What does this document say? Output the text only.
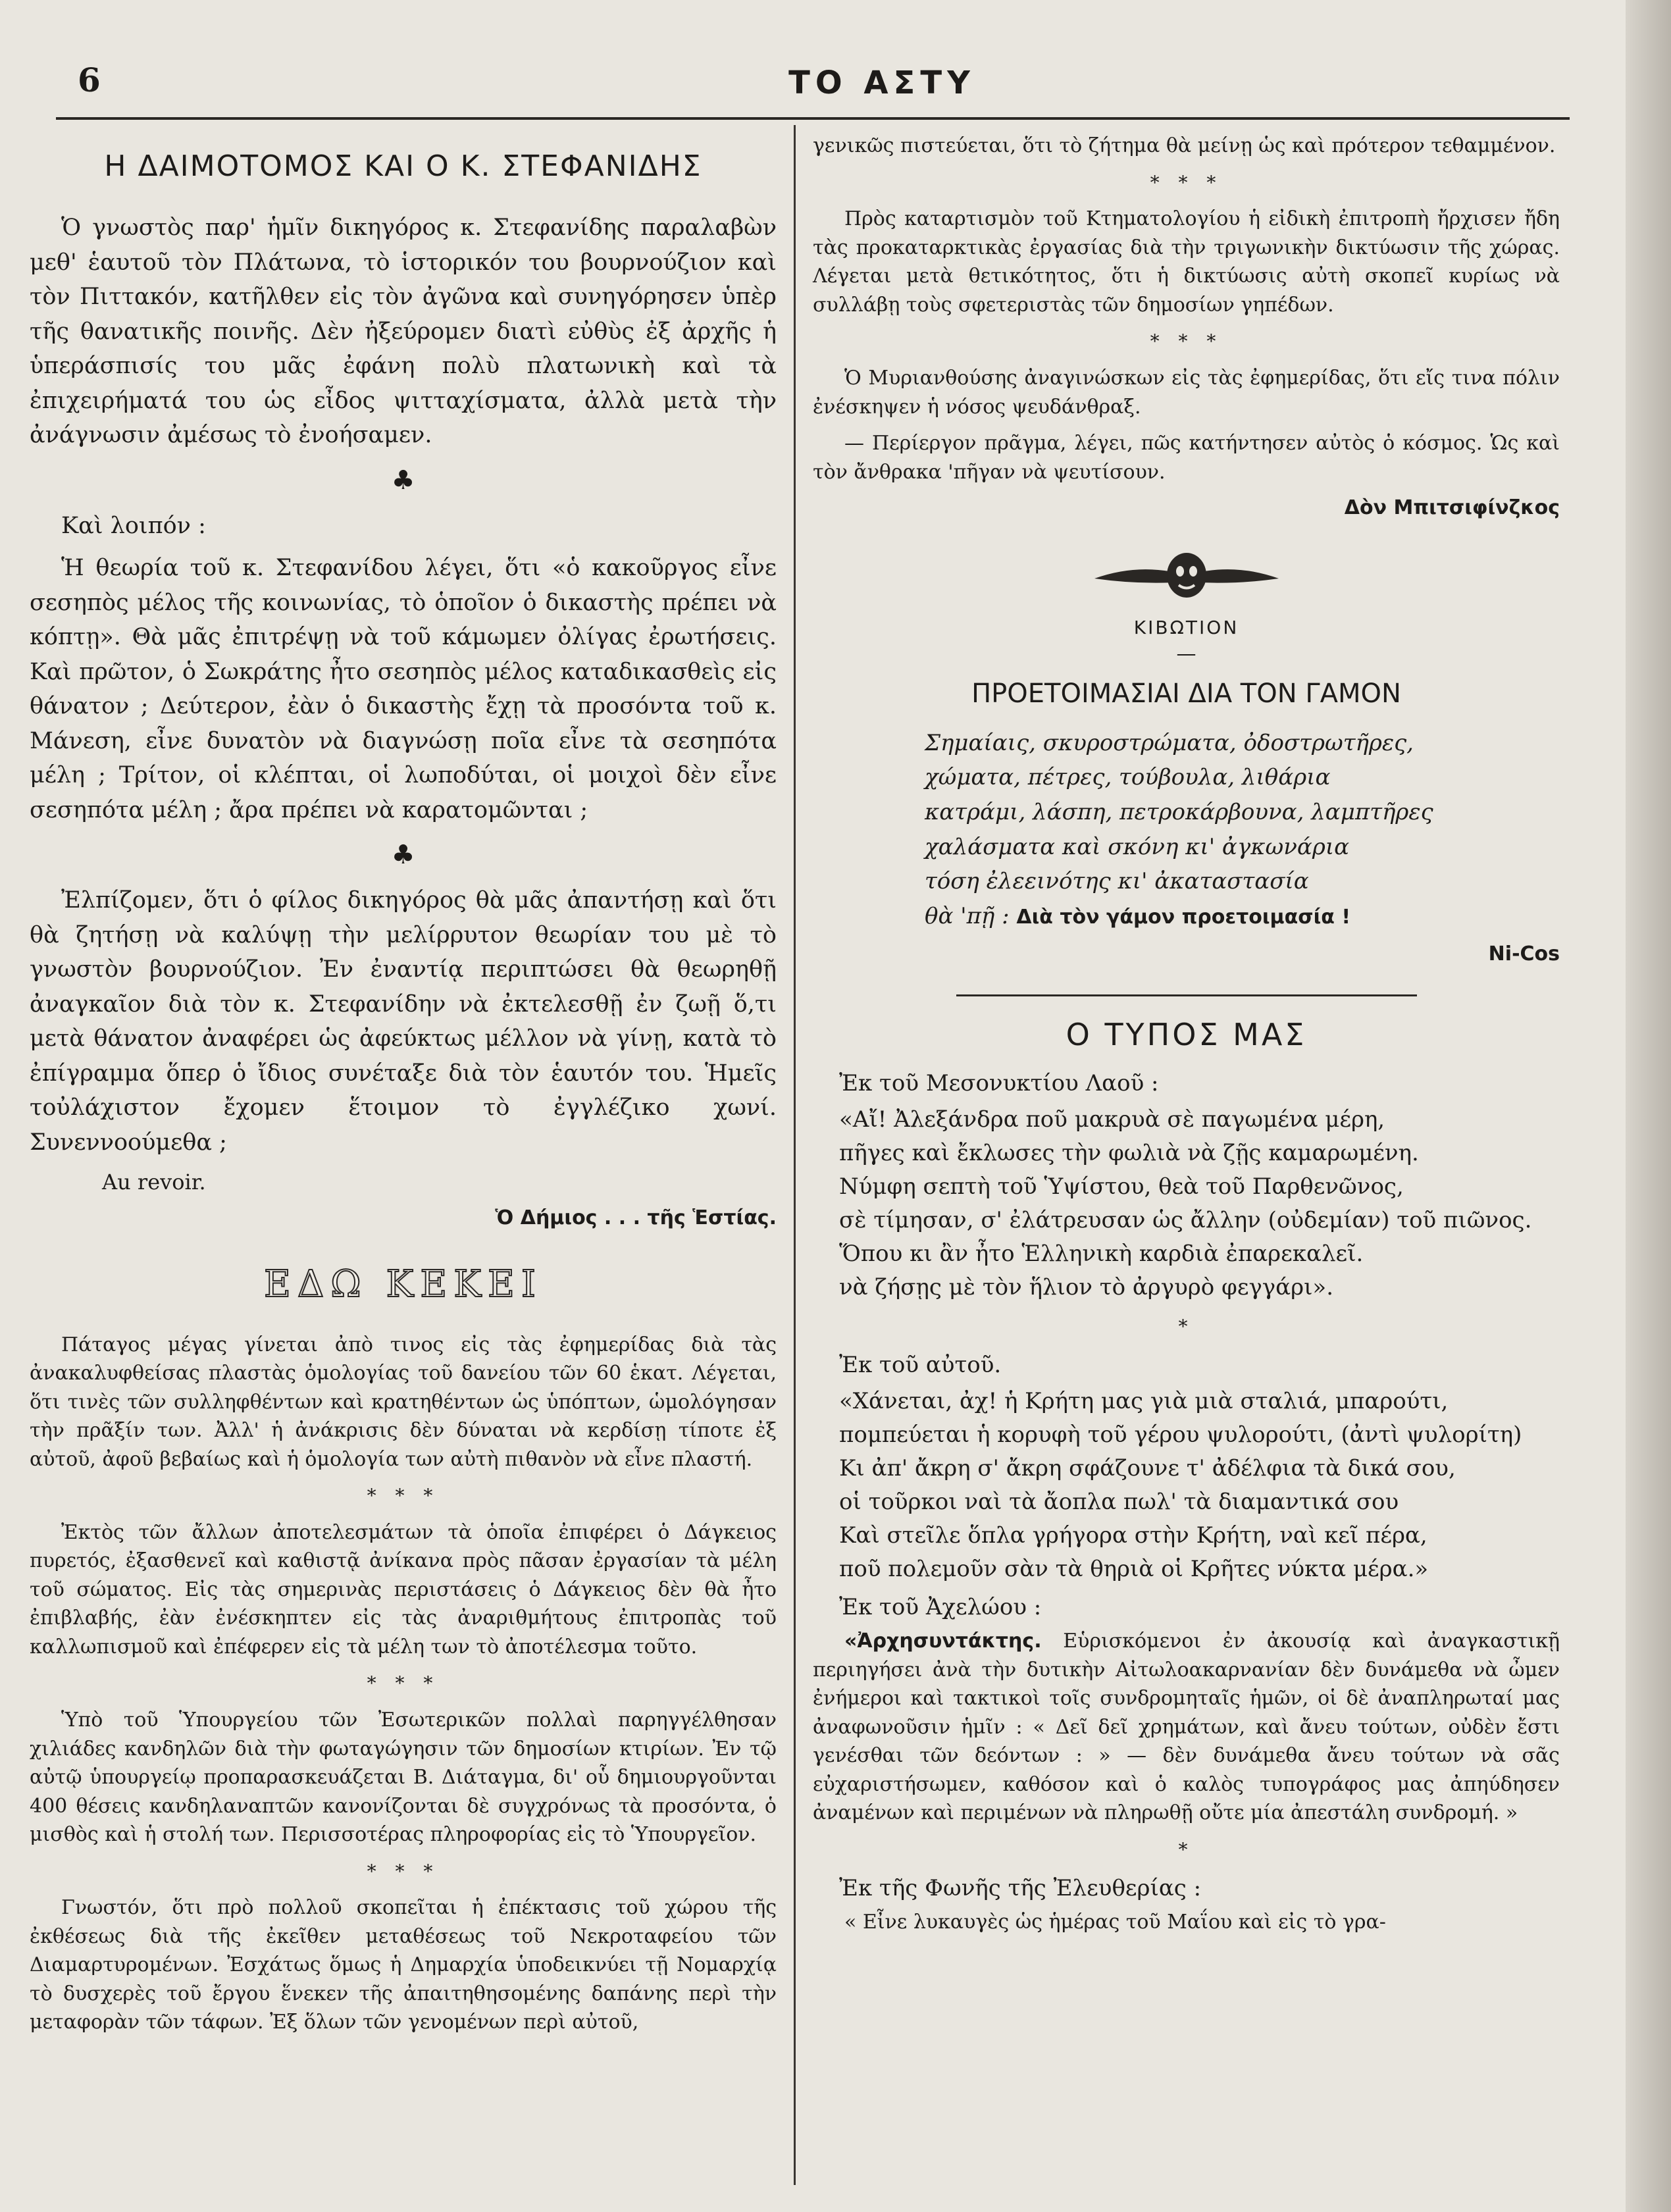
6	ΤΟ ΑΣΤΥ
Η ΔΑΙΜΟΤΟΜΟΣ ΚΑΙ Ο Κ. ΣΤΕΦΑΝΙΔΗΣ

Ὁ γνωστὸς παρ' ἡμῖν δικηγόρος κ. Στεφανίδης παραλαβὼν μεθ' ἑαυτοῦ τὸν Πλάτωνα, τὸ ἱστορικόν του βουρνούζιον καὶ τὸν Πιττακόν, κατῆλθεν εἰς τὸν ἀγῶνα καὶ συνηγόρησεν ὑπὲρ τῆς θανατικῆς ποινῆς. Δὲν ἠξεύρομεν διατὶ εὐθὺς ἐξ ἀρχῆς ἡ ὑπεράσπισίς του μᾶς ἐφάνη πολὺ πλατωνικὴ καὶ τὰ ἐπιχειρήματά του ὡς εἶδος ψιτταχίσματα, ἀλλὰ μετὰ τὴν ἀνάγνωσιν ἀμέσως τὸ ἐνοήσαμεν.

♣

Καὶ λοιπόν :

Ἡ θεωρία τοῦ κ. Στεφανίδου λέγει, ὅτι «ὁ κακοῦργος εἶνε σεσηπὸς μέλος τῆς κοινωνίας, τὸ ὁποῖον ὁ δικαστὴς πρέπει νὰ κόπτῃ». Θὰ μᾶς ἐπιτρέψῃ νὰ τοῦ κάμωμεν ὀλίγας ἐρωτήσεις. Καὶ πρῶτον, ὁ Σωκράτης ἦτο σεσηπὸς μέλος καταδικασθεὶς εἰς θάνατον ; Δεύτερον, ἐὰν ὁ δικαστὴς ἔχῃ τὰ προσόντα τοῦ κ. Μάνεση, εἶνε δυνατὸν νὰ διαγνώσῃ ποῖα εἶνε τὰ σεσηπότα μέλη ; Τρίτον, οἱ κλέπται, οἱ λωποδύται, οἱ μοιχοὶ δὲν εἶνε σεσηπότα μέλη ; ἄρα πρέπει νὰ καρατομῶνται ;

♣

Ἐλπίζομεν, ὅτι ὁ φίλος δικηγόρος θὰ μᾶς ἀπαντήσῃ καὶ ὅτι θὰ ζητήσῃ νὰ καλύψῃ τὴν μελίρρυτον θεωρίαν του μὲ τὸ γνωστὸν βουρνούζιον. Ἐν ἐναντίᾳ περιπτώσει θὰ θεωρηθῇ ἀναγκαῖον διὰ τὸν κ. Στεφανίδην νὰ ἐκτελεσθῇ ἐν ζωῇ ὅ,τι μετὰ θάνατον ἀναφέρει ὡς ἀφεύκτως μέλλον νὰ γίνῃ, κατὰ τὸ ἐπίγραμμα ὅπερ ὁ ἴδιος συνέταξε διὰ τὸν ἑαυτόν του. Ἡμεῖς τοὐλάχιστον ἔχομεν ἕτοιμον τὸ ἐγγλέζικο χωνί. Συνεννοούμεθα ;

Au revoir.
Ὁ Δήμιος . . . τῆς Ἑστίας.
ΕΔΩ ΚΕΚΕΙ

Πάταγος μέγας γίνεται ἀπὸ τινος εἰς τὰς ἐφημερίδας διὰ τὰς ἀνακαλυφθείσας πλαστὰς ὁμολογίας τοῦ δανείου τῶν 60 ἑκατ. Λέγεται, ὅτι τινὲς τῶν συλληφθέντων καὶ κρατηθέντων ὡς ὑπόπτων, ὡμολόγησαν τὴν πρᾶξίν των. Ἀλλ' ἡ ἀνάκρισις δὲν δύναται νὰ κερδίσῃ τίποτε ἐξ αὐτοῦ, ἀφοῦ βεβαίως καὶ ἡ ὁμολογία των αὐτὴ πιθανὸν νὰ εἶνε πλαστή.

* * *

Ἐκτὸς τῶν ἄλλων ἀποτελεσμάτων τὰ ὁποῖα ἐπιφέρει ὁ Δάγκειος πυρετός, ἐξασθενεῖ καὶ καθιστᾷ ἀνίκανα πρὸς πᾶσαν ἐργασίαν τὰ μέλη τοῦ σώματος. Εἰς τὰς σημερινὰς περιστάσεις ὁ Δάγκειος δὲν θὰ ἦτο ἐπιβλαβής, ἐὰν ἐνέσκηπτεν εἰς τὰς ἀναριθμήτους ἐπιτροπὰς τοῦ καλλωπισμοῦ καὶ ἐπέφερεν εἰς τὰ μέλη των τὸ ἀποτέλεσμα τοῦτο.

* * *

Ὑπὸ τοῦ Ὑπουργείου τῶν Ἐσωτερικῶν πολλαὶ παρηγγέλθησαν χιλιάδες κανδηλῶν διὰ τὴν φωταγώγησιν τῶν δημοσίων κτιρίων. Ἐν τῷ αὐτῷ ὑπουργείῳ προπαρασκευάζεται Β. Διάταγμα, δι' οὗ δημιουργοῦνται 400 θέσεις κανδηλαναπτῶν κανονίζονται δὲ συγχρόνως τὰ προσόντα, ὁ μισθὸς καὶ ἡ στολή των. Περισσοτέρας πληροφορίας εἰς τὸ Ὑπουργεῖον.

* * *

Γνωστόν, ὅτι πρὸ πολλοῦ σκοπεῖται ἡ ἐπέκτασις τοῦ χώρου τῆς ἐκθέσεως διὰ τῆς ἐκεῖθεν μεταθέσεως τοῦ Νεκροταφείου τῶν Διαμαρτυρομένων. Ἐσχάτως ὅμως ἡ Δημαρχία ὑποδεικνύει τῇ Νομαρχίᾳ τὸ δυσχερὲς τοῦ ἔργου ἕνεκεν τῆς ἀπαιτηθησομένης δαπάνης περὶ τὴν μεταφορὰν τῶν τάφων. Ἐξ ὅλων τῶν γενομένων περὶ αὐτοῦ,

γενικῶς πιστεύεται, ὅτι τὸ ζήτημα θὰ μείνῃ ὡς καὶ πρότερον τεθαμμένον.

* * *

Πρὸς καταρτισμὸν τοῦ Κτηματολογίου ἡ εἰδικὴ ἐπιτροπὴ ἤρχισεν ἤδη τὰς προκαταρκτικὰς ἐργασίας διὰ τὴν τριγωνικὴν δικτύωσιν τῆς χώρας. Λέγεται μετὰ θετικότητος, ὅτι ἡ δικτύωσις αὐτὴ σκοπεῖ κυρίως νὰ συλλάβῃ τοὺς σφετεριστὰς τῶν δημοσίων γηπέδων.

* * *

Ὁ Μυριανθούσης ἀναγινώσκων εἰς τὰς ἐφημερίδας, ὅτι εἴς τινα πόλιν ἐνέσκηψεν ἡ νόσος ψευδάνθραξ.

— Περίεργον πρᾶγμα, λέγει, πῶς κατήντησεν αὐτὸς ὁ κόσμος. Ὡς καὶ τὸν ἄνθρακα 'πῆγαν νὰ ψευτίσουν.

Δὸν Μπιτσιφίνζκος
ΚΙΒΩΤΙΟΝ
—
ΠΡΟΕΤΟΙΜΑΣΙΑΙ ΔΙΑ ΤΟΝ ΓΑΜΟΝ
Σημαίαις, σκυροστρώματα, ὀδοστρωτῆρες,
χώματα, πέτρες, τούβουλα, λιθάρια
κατράμι, λάσπη, πετροκάρβουνα, λαμπτῆρες
χαλάσματα καὶ σκόνη κι' ἀγκωνάρια
τόση ἐλεεινότης κι' ἀκαταστασία
θὰ 'πῇ : Διὰ τὸν γάμον προετοιμασία !
Ni-Cos
Ο ΤΥΠΟΣ ΜΑΣ
Ἐκ τοῦ Μεσονυκτίου Λαοῦ :
«Αἴ! Ἀλεξάνδρα ποῦ μακρυὰ σὲ παγωμένα μέρη,
πῆγες καὶ ἔκλωσες τὴν φωλιὰ νὰ ζῇς καμαρωμένη.
Νύμφη σεπτὴ τοῦ Ὑψίστου, θεὰ τοῦ Παρθενῶνος,
σὲ τίμησαν, σ' ἐλάτρευσαν ὡς ἄλλην (οὐδεμίαν) τοῦ πιῶνος.
Ὅπου κι ἂν ἦτο Ἑλληνικὴ καρδιὰ ἐπαρεκαλεῖ.
νὰ ζήσῃς μὲ τὸν ἥλιον τὸ ἀργυρὸ φεγγάρι».
*
Ἐκ τοῦ αὐτοῦ.
«Χάνεται, ἀχ! ἡ Κρήτη μας γιὰ μιὰ σταλιά, μπαρούτι,
πομπεύεται ἡ κορυφὴ τοῦ γέρου ψυλορούτι, (ἀντὶ ψυλορίτη)
Κι ἀπ' ἄκρη σ' ἄκρη σφάζουνε τ' ἀδέλφια τὰ δικά σου,
οἱ τοῦρκοι ναὶ τὰ ἄοπλα πωλ' τὰ διαμαντικά σου
Καὶ στεῖλε ὅπλα γρήγορα στὴν Κρήτη, ναὶ κεῖ πέρα,
ποῦ πολεμοῦν σὰν τὰ θηριὰ οἱ Κρῆτες νύκτα μέρα.»
Ἐκ τοῦ Ἀχελώου :

«Ἀρχησυντάκτης. Εὑρισκόμενοι ἐν ἀκουσίᾳ καὶ ἀναγκαστικῇ περιηγήσει ἀνὰ τὴν δυτικὴν Αἰτωλοακαρνανίαν δὲν δυνάμεθα νὰ ὦμεν ἐνήμεροι καὶ τακτικοὶ τοῖς συνδρομηταῖς ἡμῶν, οἱ δὲ ἀναπληρωταί μας ἀναφωνοῦσιν ἡμῖν : « Δεῖ δεῖ χρημάτων, καὶ ἄνευ τούτων, οὐδὲν ἔστι γενέσθαι τῶν δεόντων : » — δὲν δυνάμεθα ἄνευ τούτων νὰ σᾶς εὐχαριστήσωμεν, καθόσον καὶ ὁ καλὸς τυπογράφος μας ἀπηύδησεν ἀναμένων καὶ περιμένων νὰ πληρωθῇ οὔτε μία ἀπεστάλη συνδρομή. »

*
Ἐκ τῆς Φωνῆς τῆς Ἐλευθερίας :

« Εἶνε λυκαυγὲς ὡς ἡμέρας τοῦ Μαΐου καὶ εἰς τὸ γρα-
